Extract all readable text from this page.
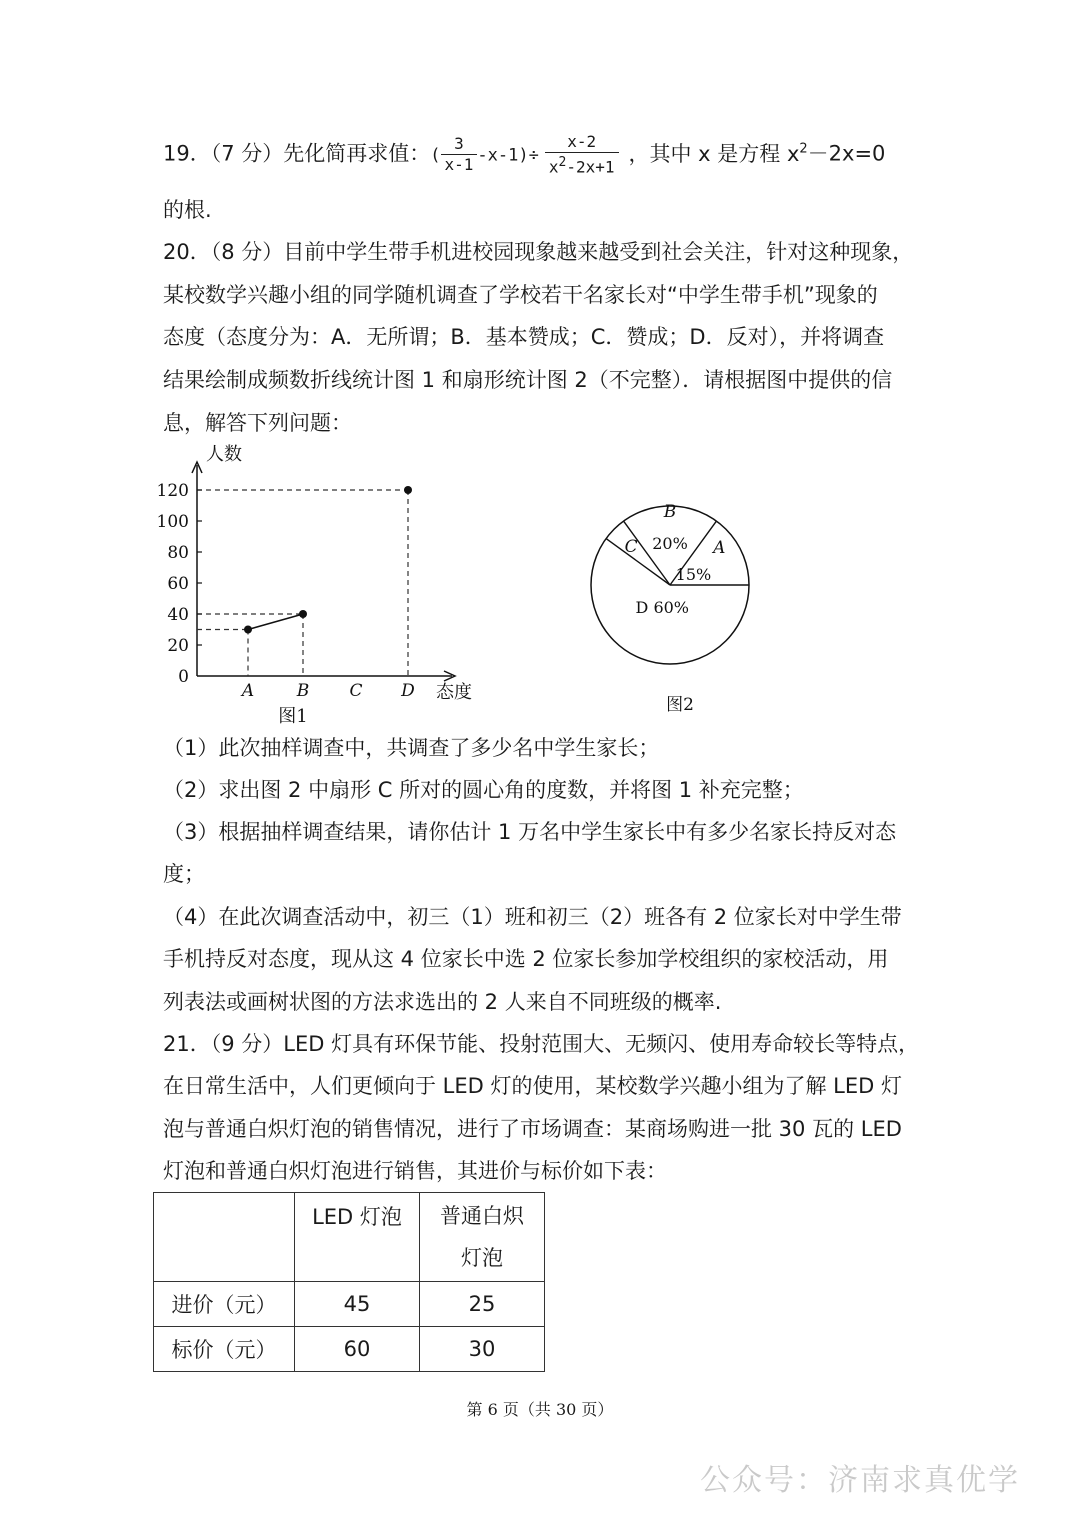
19．（7 分）先化简再求值：( $\frac{3}{x-1} -x-1)\div \frac{x-2}{x^2-2x+1}$ ，其中 x 是方程 $x^2-2x=0$
的根.
20．（8 分）目前中学生带手机进校园现象越来越受到社会关注，针对这种现象，
某校数学兴趣小组的同学随机调查了学校若干名家长对“中学生带手机”现象的
态度（态度分为：A．无所谓；B．基本赞成；C．赞成；D．反对），并将调查
结果绘制成频数折线统计图 1 和扇形统计图 2（不完整）．请根据图中提供的信
息，解答下列问题：
0
20
40
60
80
100
120
A	B C D
人数
态度
图1
A
15%
B
20%
C
D 60%
图2
（1）此次抽样调查中，共调查了多少名中学生家长；
（2）求出图 2 中扇形 C 所对的圆心角的度数，并将图 1 补充完整；
（3）根据抽样调查结果，请你估计 1 万名中学生家长中有多少名家长持反对态
度；
（4）在此次调查活动中，初三（1）班和初三（2）班各有 2 位家长对中学生带
手机持反对态度，现从这 4 位家长中选 2 位家长参加学校组织的家校活动，用
列表法或画树状图的方法求选出的 2 人来自不同班级的概率.
21．（9 分）LED 灯具有环保节能、投射范围大、无频闪、使用寿命较长等特点，
在日常生活中，人们更倾向于 LED 灯的使用，某校数学兴趣小组为了解 LED 灯
泡与普通白炽灯泡的销售情况，进行了市场调查：某商场购进一批 30 瓦的 LED
灯泡和普通白炽灯泡进行销售，其进价与标价如下表：
	LED 灯泡	普通白炽
灯泡
进价（元）	45	25
标价（元）	60	30
第 6 页（共 30 页）
公众号：济南求真优学
